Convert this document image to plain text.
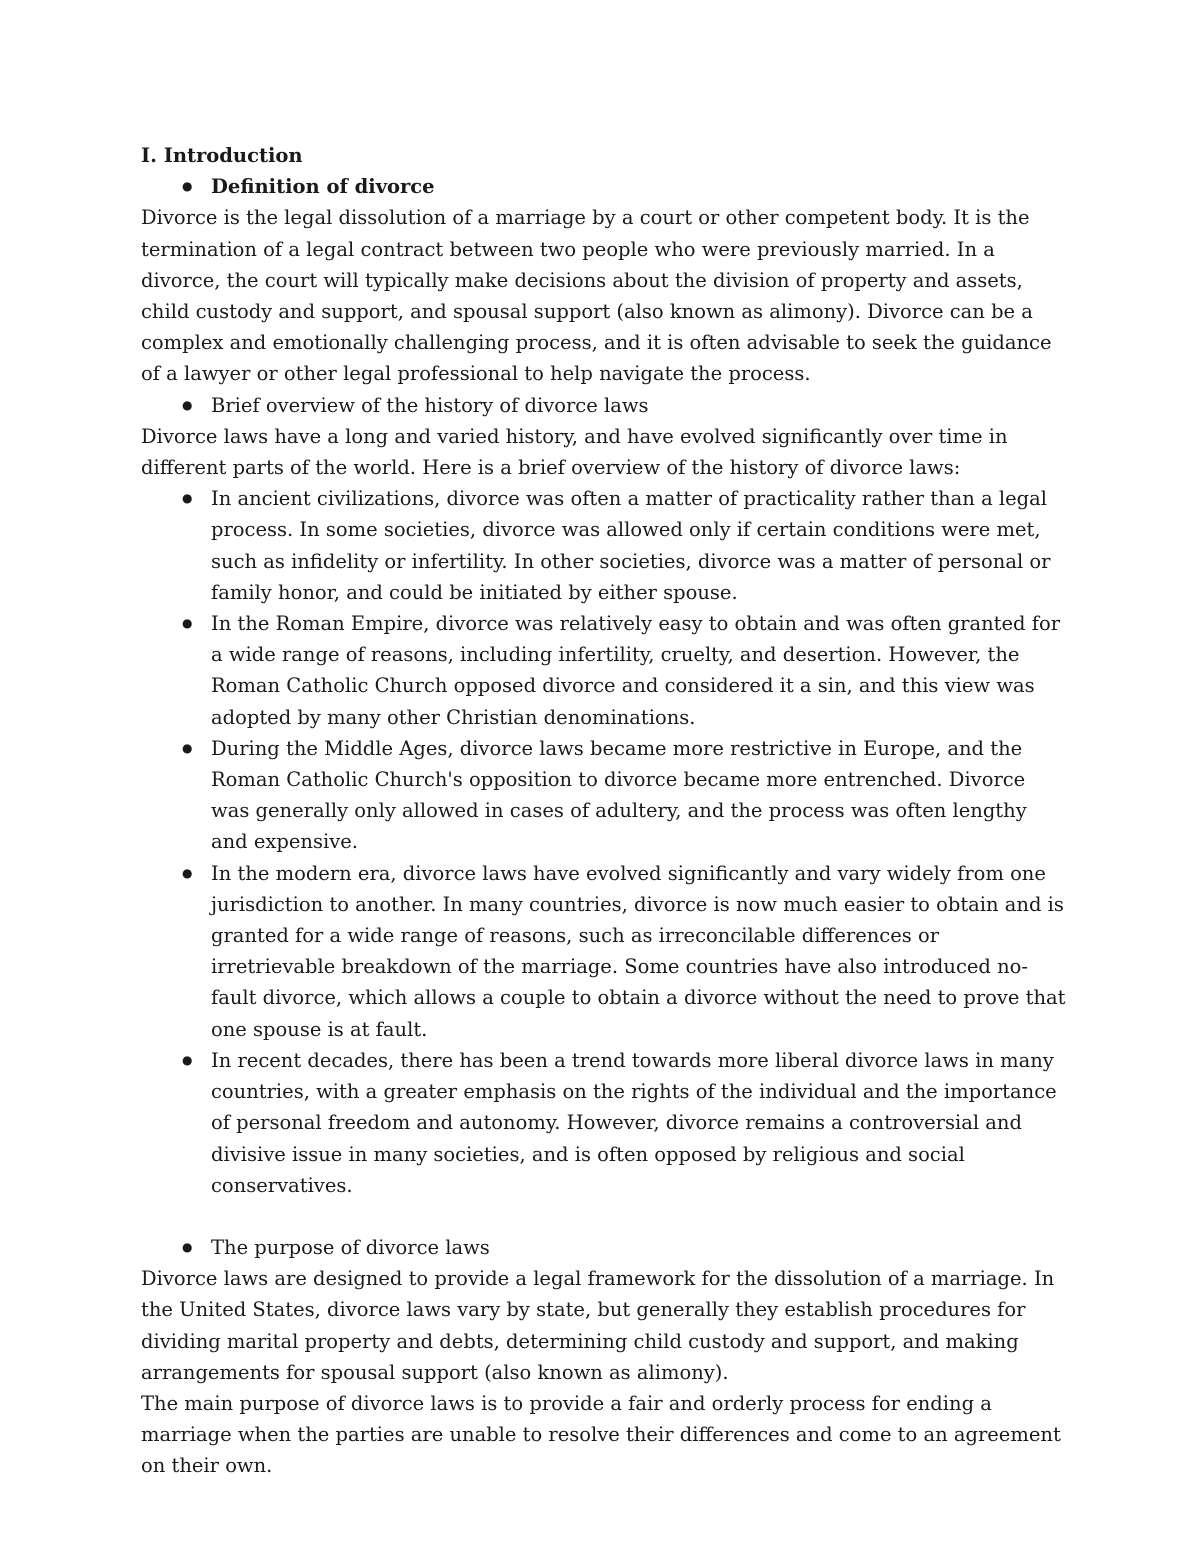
I. Introduction

● Definition of divorce

Divorce is the legal dissolution of a marriage by a court or other competent body. It is the termination of a legal contract between two people who were previously married. In a divorce, the court will typically make decisions about the division of property and assets, child custody and support, and spousal support (also known as alimony). Divorce can be a complex and emotionally challenging process, and it is often advisable to seek the guidance of a lawyer or other legal professional to help navigate the process.

● Brief overview of the history of divorce laws

Divorce laws have a long and varied history, and have evolved significantly over time in different parts of the world. Here is a brief overview of the history of divorce laws:

● In ancient civilizations, divorce was often a matter of practicality rather than a legal process. In some societies, divorce was allowed only if certain conditions were met, such as infidelity or infertility. In other societies, divorce was a matter of personal or family honor, and could be initiated by either spouse.
● In the Roman Empire, divorce was relatively easy to obtain and was often granted for a wide range of reasons, including infertility, cruelty, and desertion. However, the Roman Catholic Church opposed divorce and considered it a sin, and this view was adopted by many other Christian denominations.
● During the Middle Ages, divorce laws became more restrictive in Europe, and the Roman Catholic Church's opposition to divorce became more entrenched. Divorce was generally only allowed in cases of adultery, and the process was often lengthy and expensive.
● In the modern era, divorce laws have evolved significantly and vary widely from one jurisdiction to another. In many countries, divorce is now much easier to obtain and is granted for a wide range of reasons, such as irreconcilable differences or irretrievable breakdown of the marriage. Some countries have also introduced no-fault divorce, which allows a couple to obtain a divorce without the need to prove that one spouse is at fault.
● In recent decades, there has been a trend towards more liberal divorce laws in many countries, with a greater emphasis on the rights of the individual and the importance of personal freedom and autonomy. However, divorce remains a controversial and divisive issue in many societies, and is often opposed by religious and social conservatives.
● The purpose of divorce laws

Divorce laws are designed to provide a legal framework for the dissolution of a marriage. In the United States, divorce laws vary by state, but generally they establish procedures for dividing marital property and debts, determining child custody and support, and making arrangements for spousal support (also known as alimony).

The main purpose of divorce laws is to provide a fair and orderly process for ending a marriage when the parties are unable to resolve their differences and come to an agreement on their own.
